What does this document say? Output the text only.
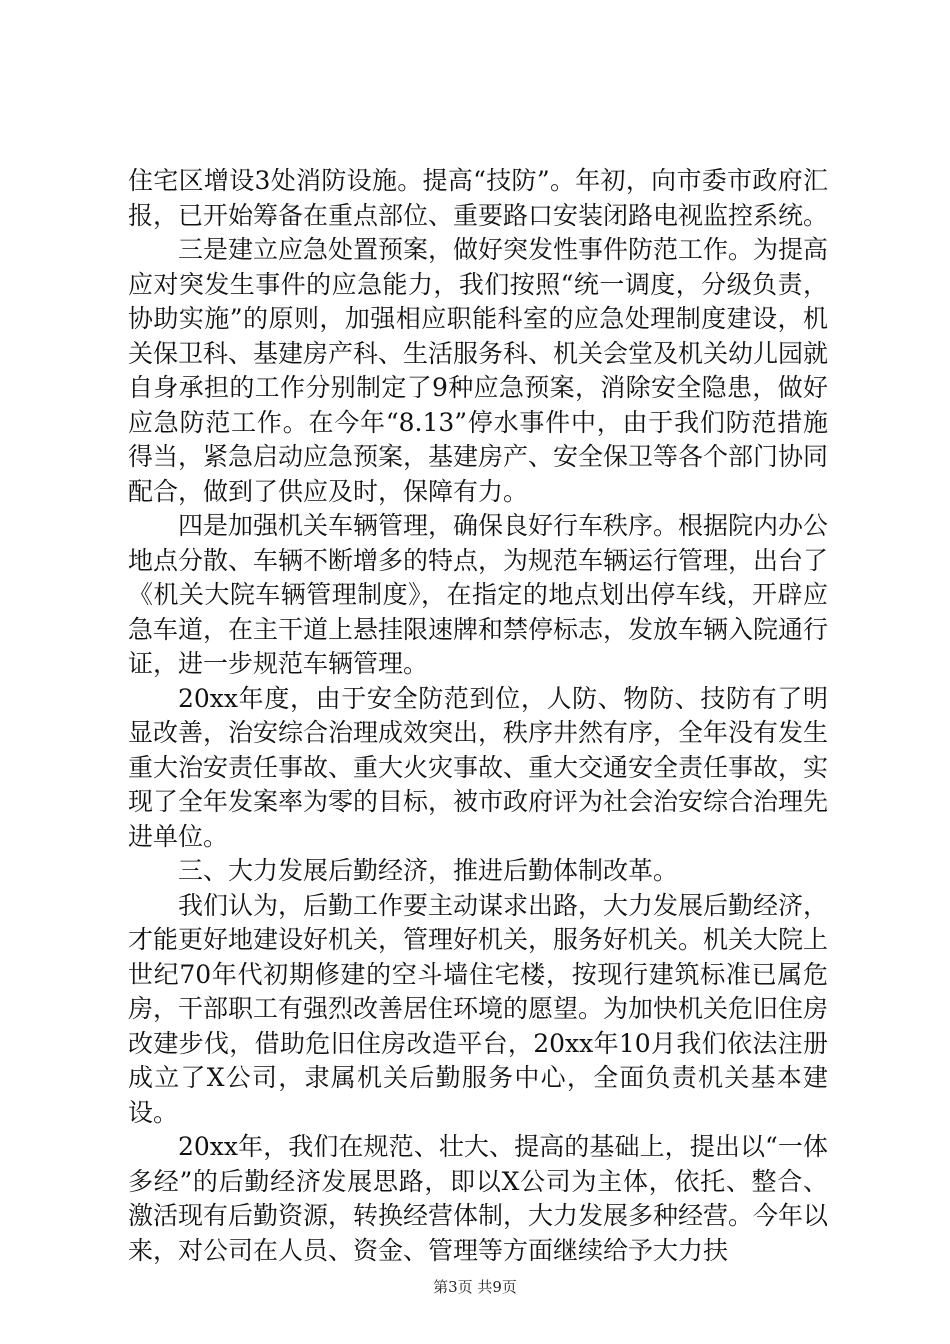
住宅区增设3处消防设施。提高“技防”。年初，向市委市政府汇报，已开始筹备在重点部位、重要路口安装闭路电视监控系统。

三是建立应急处置预案，做好突发性事件防范工作。为提高应对突发生事件的应急能力，我们按照“统一调度，分级负责，协助实施”的原则，加强相应职能科室的应急处理制度建设，机关保卫科、基建房产科、生活服务科、机关会堂及机关幼儿园就自身承担的工作分别制定了9种应急预案，消除安全隐患，做好应急防范工作。在今年“8.13”停水事件中，由于我们防范措施得当，紧急启动应急预案，基建房产、安全保卫等各个部门协同配合，做到了供应及时，保障有力。

四是加强机关车辆管理，确保良好行车秩序。根据院内办公地点分散、车辆不断增多的特点，为规范车辆运行管理，出台了《机关大院车辆管理制度》，在指定的地点划出停车线，开辟应急车道，在主干道上悬挂限速牌和禁停标志，发放车辆入院通行证，进一步规范车辆管理。

20xx年度，由于安全防范到位，人防、物防、技防有了明显改善，治安综合治理成效突出，秩序井然有序，全年没有发生重大治安责任事故、重大火灾事故、重大交通安全责任事故，实现了全年发案率为零的目标，被市政府评为社会治安综合治理先进单位。

三、大力发展后勤经济，推进后勤体制改革。

我们认为，后勤工作要主动谋求出路，大力发展后勤经济，才能更好地建设好机关，管理好机关，服务好机关。机关大院上世纪70年代初期修建的空斗墙住宅楼，按现行建筑标准已属危房，干部职工有强烈改善居住环境的愿望。为加快机关危旧住房改建步伐，借助危旧住房改造平台，20xx年10月我们依法注册成立了X公司，隶属机关后勤服务中心，全面负责机关基本建设。

20xx年，我们在规范、壮大、提高的基础上，提出以“一体多经”的后勤经济发展思路，即以X公司为主体，依托、整合、激活现有后勤资源，转换经营体制，大力发展多种经营。今年以来，对公司在人员、资金、管理等方面继续给予大力扶

第3页 共9页
